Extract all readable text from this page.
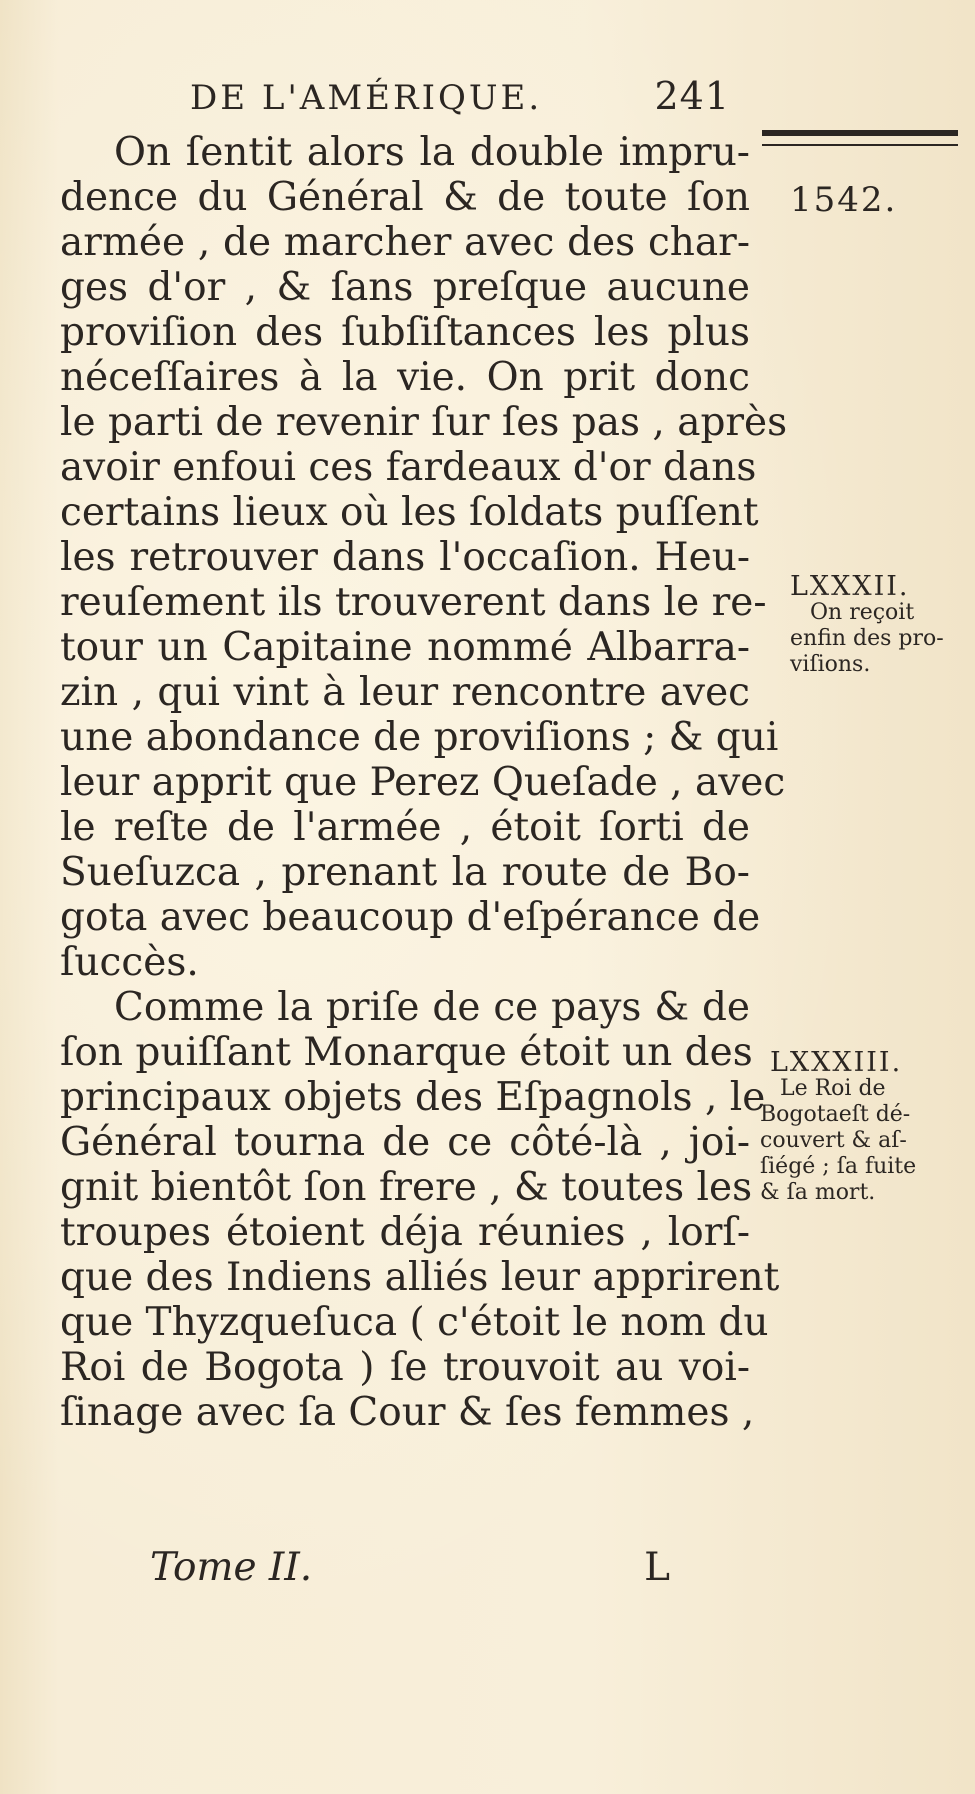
DE L'AMÉRIQUE.	241
1542.
On ſentit alors la double impru-
dence du Général & de toute ſon
armée , de marcher avec des char-
ges d'or , & ſans preſque aucune
proviſion des ſubſiſtances les plus
néceſſaires à la vie. On prit donc
le parti de revenir ſur ſes pas , après
avoir enfoui ces fardeaux d'or dans
certains lieux où les ſoldats puſſent
les retrouver dans l'occaſion. Heu-
reuſement ils trouverent dans le re-
tour un Capitaine nommé Albarra-
zin , qui vint à leur rencontre avec
une abondance de proviſions ; & qui
leur apprit que Perez Queſade , avec
le reſte de l'armée , étoit ſorti de
Sueſuzca , prenant la route de Bo-
gota avec beaucoup d'eſpérance de
ſuccès.
Comme la priſe de ce pays & de
ſon puiſſant Monarque étoit un des
principaux objets des Eſpagnols , le
Général tourna de ce côté-là , joi-
gnit bientôt ſon frere , & toutes les
troupes étoient déja réunies , lorſ-
que des Indiens alliés leur apprirent
que Thyzqueſuca ( c'étoit le nom du
Roi de Bogota ) ſe trouvoit au voi-
ſinage avec ſa Cour & ſes femmes ,
LXXXII.
On reçoit
enfin des pro-
viſions.
LXXXIII.
Le Roi de
Bogotaeſt dé-
couvert & aſ-
ſiégé ; ſa fuite
& ſa mort.
Tome II.	L
